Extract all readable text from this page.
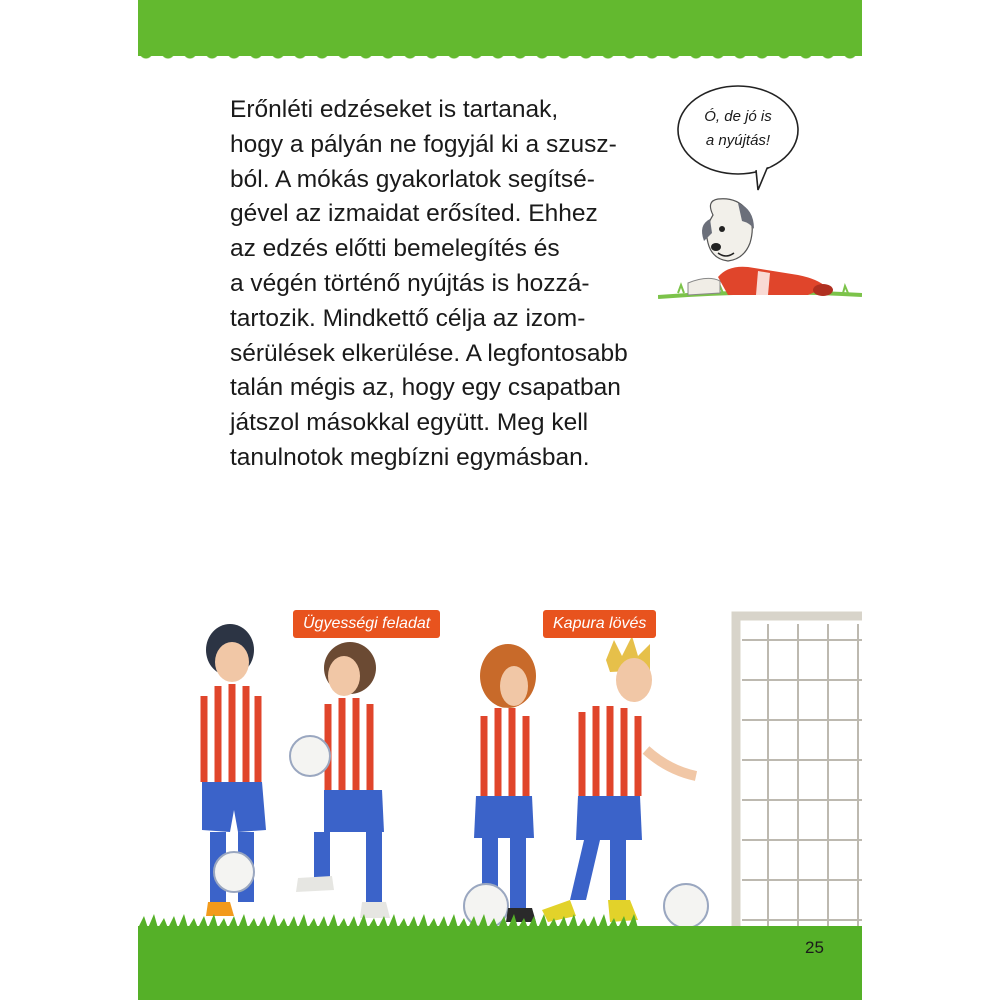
Erőnléti edzéseket is tartanak,
hogy a pályán ne fogyjál ki a szusz-
ból. A mókás gyakorlatok segítsé-
gével az izmaidat erősíted. Ehhez
az edzés előtti bemelegítés és
a végén történő nyújtás is hozzá-
tartozik. Mindkettő célja az izom-
sérülések elkerülése. A legfontosabb
talán mégis az, hogy egy csapatban
játszol másokkal együtt. Meg kell
tanulnotok megbízni egymásban.

Ó, de jó is
a nyújtás!
Ügyességi feladat	Kapura lövés
25
